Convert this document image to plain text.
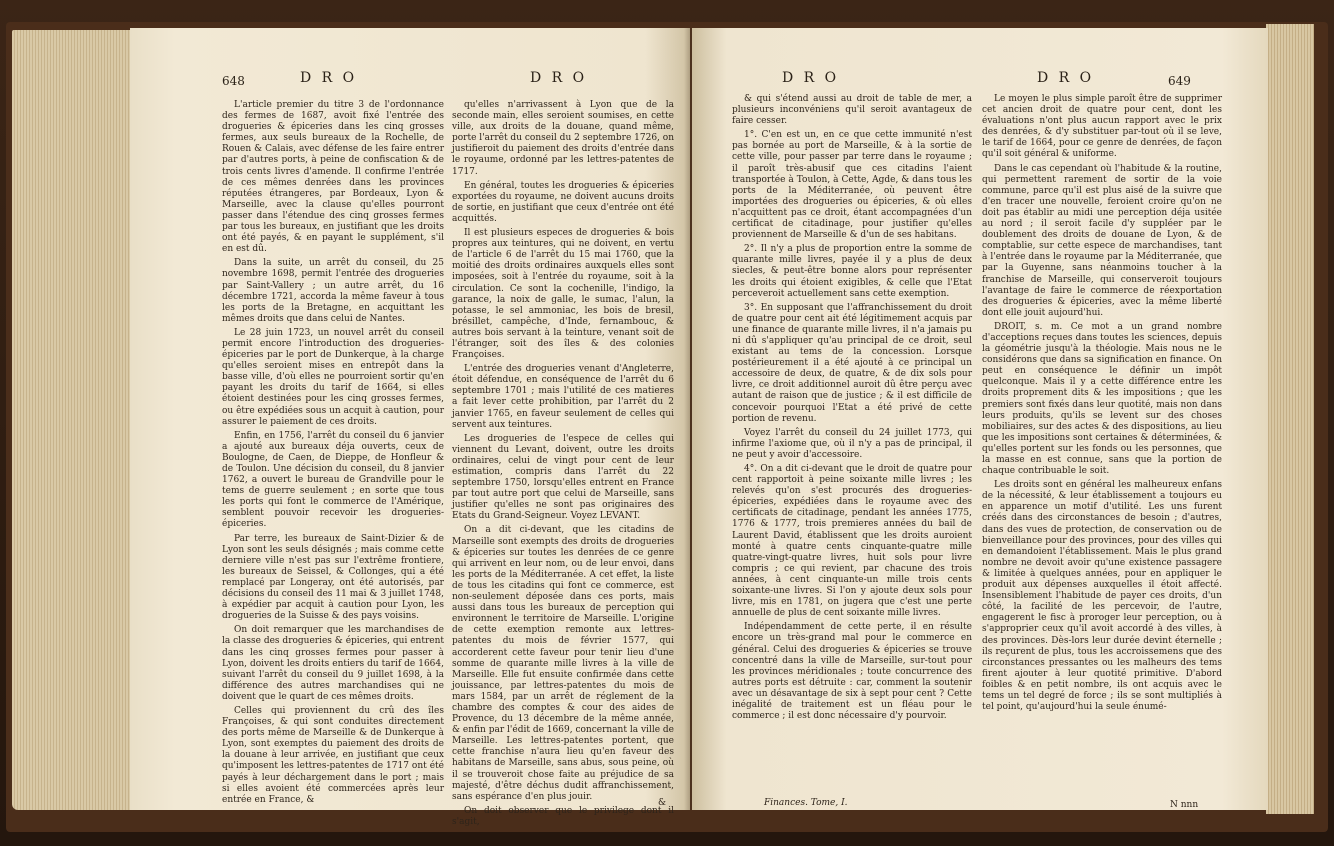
648	D R O	D R O

L'article premier du titre 3 de l'ordonnance des fermes de 1687, avoit fixé l'entrée des drogueries & épiceries dans les cinq grosses fermes, aux seuls bureaux de la Rochelle, de Rouen & Calais, avec défense de les faire entrer par d'autres ports, à peine de confiscation & de trois cents livres d'amende. Il confirme l'entrée de ces mêmes denrées dans les provinces réputées étrangeres, par Bordeaux, Lyon & Marseille, avec la clause qu'elles pourront passer dans l'étendue des cinq grosses fermes par tous les bureaux, en justifiant que les droits ont été payés, & en payant le supplément, s'il en est dû.

Dans la suite, un arrêt du conseil, du 25 novembre 1698, permit l'entrée des drogueries par Saint-Vallery ; un autre arrêt, du 16 décembre 1721, accorda la même faveur à tous les ports de la Bretagne, en acquittant les mêmes droits que dans celui de Nantes.

Le 28 juin 1723, un nouvel arrêt du conseil permit encore l'introduction des drogueries-épiceries par le port de Dunkerque, à la charge qu'elles seroient mises en entrepôt dans la basse ville, d'où elles ne pourroient sortir qu'en payant les droits du tarif de 1664, si elles étoient destinées pour les cinq grosses fermes, ou être expédiées sous un acquit à caution, pour assurer le paiement de ces droits.

Enfin, en 1756, l'arrêt du conseil du 6 janvier a ajouté aux bureaux déja ouverts, ceux de Boulogne, de Caen, de Dieppe, de Honfleur & de Toulon. Une décision du conseil, du 8 janvier 1762, a ouvert le bureau de Grandville pour le tems de guerre seulement ; en sorte que tous les ports qui font le commerce de l'Amérique, semblent pouvoir recevoir les drogueries-épiceries.

Par terre, les bureaux de Saint-Dizier & de Lyon sont les seuls désignés ; mais comme cette derniere ville n'est pas sur l'extrême frontiere, les bureaux de Seissel, & Collonges, qui a été remplacé par Longeray, ont été autorisés, par décisions du conseil des 11 mai & 3 juillet 1748, à expédier par acquit à caution pour Lyon, les drogueries de la Suisse & des pays voisins.

On doit remarquer que les marchandises de la classe des drogueries & épiceries, qui entrent dans les cinq grosses fermes pour passer à Lyon, doivent les droits entiers du tarif de 1664, suivant l'arrêt du conseil du 9 juillet 1698, à la différence des autres marchandises qui ne doivent que le quart de ces mêmes droits.

Celles qui proviennent du crû des îles Françoises, & qui sont conduites directement des ports même de Marseille & de Dunkerque à Lyon, sont exemptes du paiement des droits de la douane à leur arrivée, en justifiant que ceux qu'imposent les lettres-patentes de 1717 ont été payés à leur déchargement dans le port ; mais si elles avoient été commercées après leur entrée en France, &

qu'elles n'arrivassent à Lyon que de la seconde main, elles seroient soumises, en cette ville, aux droits de la douane, quand même, porte l'arrêt du conseil du 2 septembre 1726, on justifieroit du paiement des droits d'entrée dans le royaume, ordonné par les lettres-patentes de 1717.

En général, toutes les drogueries & épiceries exportées du royaume, ne doivent aucuns droits de sortie, en justifiant que ceux d'entrée ont été acquittés.

Il est plusieurs especes de drogueries & bois propres aux teintures, qui ne doivent, en vertu de l'article 6 de l'arrêt du 15 mai 1760, que la moitié des droits ordinaires auxquels elles sont imposées, soit à l'entrée du royaume, soit à la circulation. Ce sont la cochenille, l'indigo, la garance, la noix de galle, le sumac, l'alun, la potasse, le sel ammoniac, les bois de bresil, brésillet, campêche, d'Inde, fernambouc, & autres bois servant à la teinture, venant soit de l'étranger, soit des îles & des colonies Françoises.

L'entrée des drogueries venant d'Angleterre, étoit défendue, en conséquence de l'arrêt du 6 septembre 1701 ; mais l'utilité de ces matieres a fait lever cette prohibition, par l'arrêt du 2 janvier 1765, en faveur seulement de celles qui servent aux teintures.

Les drogueries de l'espece de celles qui viennent du Levant, doivent, outre les droits ordinaires, celui de vingt pour cent de leur estimation, compris dans l'arrêt du 22 septembre 1750, lorsqu'elles entrent en France par tout autre port que celui de Marseille, sans justifier qu'elles ne sont pas originaires des Etats du Grand-Seigneur. Voyez LEVANT.

On a dit ci-devant, que les citadins de Marseille sont exempts des droits de drogueries & épiceries sur toutes les denrées de ce genre qui arrivent en leur nom, ou de leur envoi, dans les ports de la Méditerranée. A cet effet, la liste de tous les citadins qui font ce commerce, est non-seulement déposée dans ces ports, mais aussi dans tous les bureaux de perception qui environnent le territoire de Marseille. L'origine de cette exemption remonte aux lettres-patentes du mois de février 1577, qui accorderent cette faveur pour tenir lieu d'une somme de quarante mille livres à la ville de Marseille. Elle fut ensuite confirmée dans cette jouissance, par lettres-patentes du mois de mars 1584, par un arrêt de réglement de la chambre des comptes & cour des aides de Provence, du 13 décembre de la même année, & enfin par l'édit de 1669, concernant la ville de Marseille. Les lettres-patentes portent, que cette franchise n'aura lieu qu'en faveur des habitans de Marseille, sans abus, sous peine, où il se trouveroit chose faite au préjudice de sa majesté, d'être déchus dudit affranchissement, sans espérance d'en plus jouir.

On doit observer que le privilege dont il s'agit,

&
D R O	D R O	649

& qui s'étend aussi au droit de table de mer, a plusieurs inconvéniens qu'il seroit avantageux de faire cesser.

1°. C'en est un, en ce que cette immunité n'est pas bornée au port de Marseille, & à la sortie de cette ville, pour passer par terre dans le royaume ; il paroît très-abusif que ces citadins l'aient transportée à Toulon, à Cette, Agde, & dans tous les ports de la Méditerranée, où peuvent être importées des drogueries ou épiceries, & où elles n'acquittent pas ce droit, étant accompagnées d'un certificat de citadinage, pour justifier qu'elles proviennent de Marseille & d'un de ses habitans.

2°. Il n'y a plus de proportion entre la somme de quarante mille livres, payée il y a plus de deux siecles, & peut-être bonne alors pour représenter les droits qui étoient exigibles, & celle que l'Etat perceveroit actuellement sans cette exemption.

3°. En supposant que l'affranchissement du droit de quatre pour cent ait été légitimement acquis par une finance de quarante mille livres, il n'a jamais pu ni dû s'appliquer qu'au principal de ce droit, seul existant au tems de la concession. Lorsque postérieurement il a été ajouté à ce principal un accessoire de deux, de quatre, & de dix sols pour livre, ce droit additionnel auroit dû être perçu avec autant de raison que de justice ; & il est difficile de concevoir pourquoi l'Etat a été privé de cette portion de revenu.

Voyez l'arrêt du conseil du 24 juillet 1773, qui infirme l'axiome que, où il n'y a pas de principal, il ne peut y avoir d'accessoire.

4°. On a dit ci-devant que le droit de quatre pour cent rapportoit à peine soixante mille livres ; les relevés qu'on s'est procurés des drogueries-épiceries, expédiées dans le royaume avec des certificats de citadinage, pendant les années 1775, 1776 & 1777, trois premieres années du bail de Laurent David, établissent que les droits auroient monté à quatre cents cinquante-quatre mille quatre-vingt-quatre livres, huit sols pour livre compris ; ce qui revient, par chacune des trois années, à cent cinquante-un mille trois cents soixante-une livres. Si l'on y ajoute deux sols pour livre, mis en 1781, on jugera que c'est une perte annuelle de plus de cent soixante mille livres.

Indépendamment de cette perte, il en résulte encore un très-grand mal pour le commerce en général. Celui des drogueries & épiceries se trouve concentré dans la ville de Marseille, sur-tout pour les provinces méridionales ; toute concurrence des autres ports est détruite : car, comment la soutenir avec un désavantage de six à sept pour cent ? Cette inégalité de traitement est un fléau pour le commerce ; il est donc nécessaire d'y pourvoir.

Le moyen le plus simple paroît être de supprimer cet ancien droit de quatre pour cent, dont les évaluations n'ont plus aucun rapport avec le prix des denrées, & d'y substituer par-tout où il se leve, le tarif de 1664, pour ce genre de denrées, de façon qu'il soit général & uniforme.

Dans le cas cependant où l'habitude & la routine, qui permettent rarement de sortir de la voie commune, parce qu'il est plus aisé de la suivre que d'en tracer une nouvelle, feroient croire qu'on ne doit pas établir au midi une perception déja usitée au nord ; il seroit facile d'y suppléer par le doublement des droits de douane de Lyon, & de comptablie, sur cette espece de marchandises, tant à l'entrée dans le royaume par la Méditerranée, que par la Guyenne, sans néanmoins toucher à la franchise de Marseille, qui conserveroit toujours l'avantage de faire le commerce de réexportation des drogueries & épiceries, avec la même liberté dont elle jouit aujourd'hui.

DROIT, s. m. Ce mot a un grand nombre d'acceptions reçues dans toutes les sciences, depuis la géométrie jusqu'à la théologie. Mais nous ne le considérons que dans sa signification en finance. On peut en conséquence le définir un impôt quelconque. Mais il y a cette différence entre les droits proprement dits & les impositions ; que les premiers sont fixés dans leur quotité, mais non dans leurs produits, qu'ils se levent sur des choses mobiliaires, sur des actes & des dispositions, au lieu que les impositions sont certaines & déterminées, & qu'elles portent sur les fonds ou les personnes, que la masse en est connue, sans que la portion de chaque contribuable le soit.

Les droits sont en général les malheureux enfans de la nécessité, & leur établissement a toujours eu en apparence un motif d'utilité. Les uns furent créés dans des circonstances de besoin ; d'autres, dans des vues de protection, de conservation ou de bienveillance pour des provinces, pour des villes qui en demandoient l'établissement. Mais le plus grand nombre ne devoit avoir qu'une existence passagere & limitée à quelques années, pour en appliquer le produit aux dépenses auxquelles il étoit affecté. Insensiblement l'habitude de payer ces droits, d'un côté, la facilité de les percevoir, de l'autre, engagerent le fisc à proroger leur perception, ou à s'approprier ceux qu'il avoit accordé à des villes, à des provinces. Dès-lors leur durée devint éternelle ; ils reçurent de plus, tous les accroissemens que des circonstances pressantes ou les malheurs des tems firent ajouter à leur quotité primitive. D'abord foibles & en petit nombre, ils ont acquis avec le tems un tel degré de force ; ils se sont multipliés à tel point, qu'aujourd'hui la seule énumé-

Finances. Tome, I.	N nnn
